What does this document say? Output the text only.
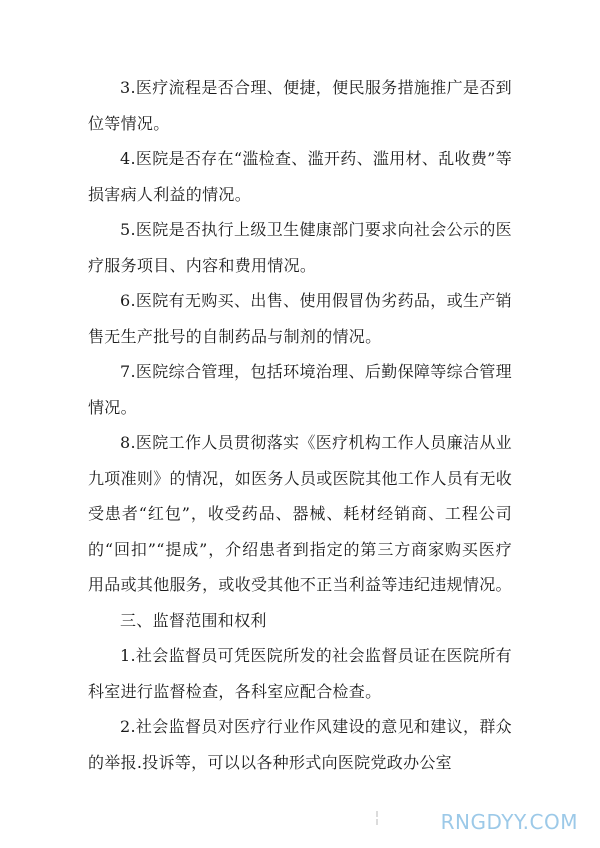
3.医疗流程是否合理、便捷，便民服务措施推广是否到位等情况。

4.医院是否存在“滥检查、滥开药、滥用材、乱收费”等损害病人利益的情况。

5.医院是否执行上级卫生健康部门要求向社会公示的医疗服务项目、内容和费用情况。

6.医院有无购买、出售、使用假冒伪劣药品，或生产销售无生产批号的自制药品与制剂的情况。

7.医院综合管理，包括环境治理、后勤保障等综合管理情况。

8.医院工作人员贯彻落实《医疗机构工作人员廉洁从业九项准则》的情况，如医务人员或医院其他工作人员有无收受患者“红包”，收受药品、器械、耗材经销商、工程公司的“回扣”“提成”，介绍患者到指定的第三方商家购买医疗用品或其他服务，或收受其他不正当利益等违纪违规情况。

三、监督范围和权利

1.社会监督员可凭医院所发的社会监督员证在医院所有科室进行监督检查，各科室应配合检查。

2.社会监督员对医疗行业作风建设的意见和建议，群众的举报.投诉等，可以以各种形式向医院党政办公室

RNGDYY.COM
